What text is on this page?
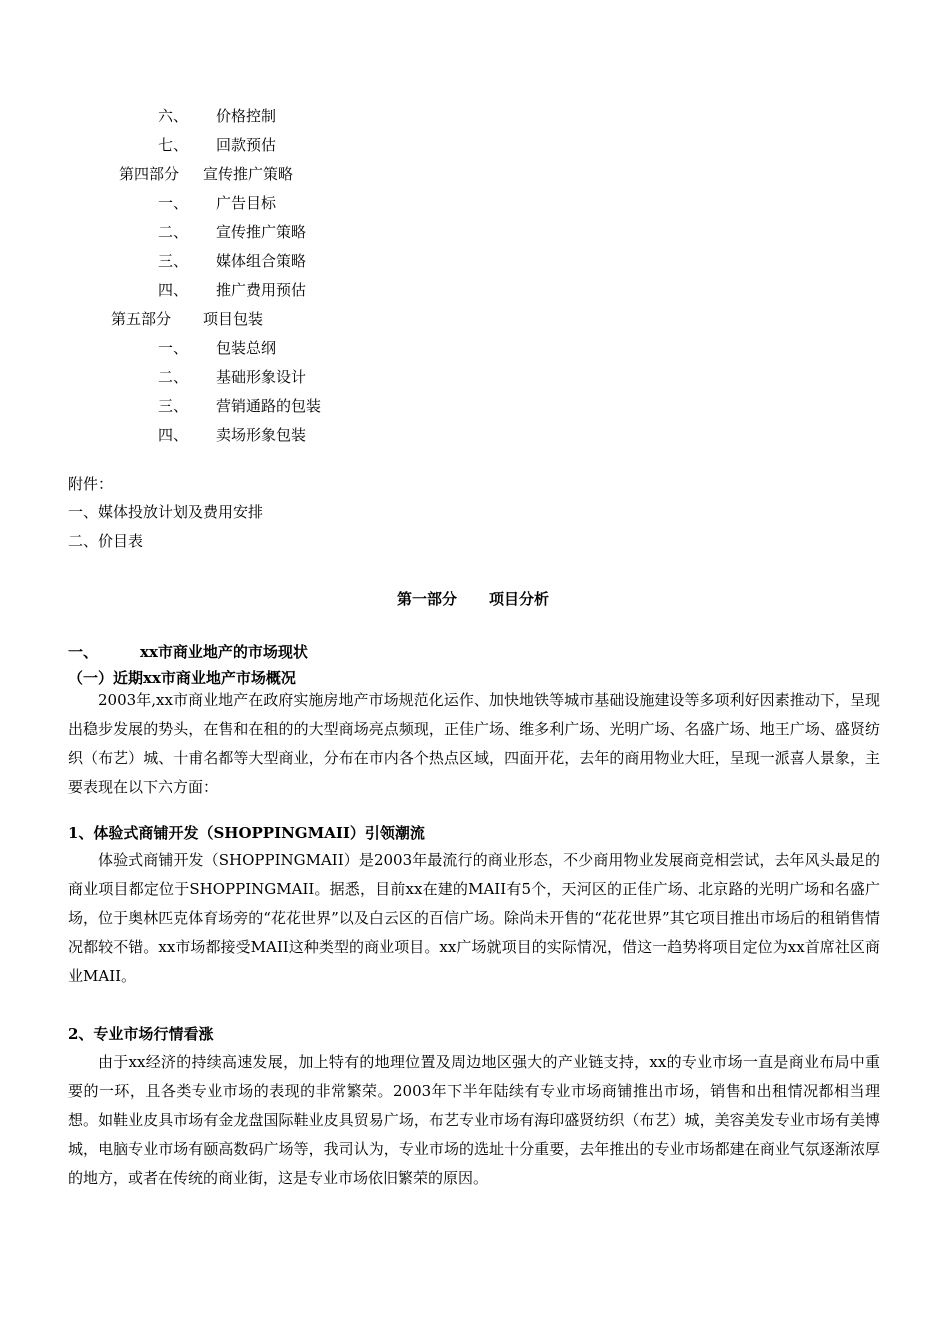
六、 价格控制
七、 回款预估
第四部分 宣传推广策略
一、 广告目标
二、 宣传推广策略
三、 媒体组合策略
四、 推广费用预估
第五部分 项目包装
一、 包装总纲
二、 基础形象设计
三、 营销通路的包装
四、 卖场形象包装
附件：
一、媒体投放计划及费用安排
二、价目表
第一部分 项目分析
一、	xx市商业地产的市场现状
（一）近期xx市商业地产市场概况

2003年,xx市商业地产在政府实施房地产市场规范化运作、加快地铁等城市基础设施建设等多项利好因素推动下，呈现出稳步发展的势头，在售和在租的的大型商场亮点频现，正佳广场、维多利广场、光明广场、名盛广场、地王广场、盛贤纺织（布艺）城、十甫名都等大型商业，分布在市内各个热点区域，四面开花，去年的商用物业大旺，呈现一派喜人景象，主要表现在以下六方面：

1、体验式商铺开发（SHOPPINGMAII）引领潮流

体验式商铺开发（SHOPPINGMAII）是2003年最流行的商业形态，不少商用物业发展商竞相尝试，去年风头最足的商业项目都定位于SHOPPINGMAII。据悉，目前xx在建的MAII有5个，天河区的正佳广场、北京路的光明广场和名盛广场，位于奥林匹克体育场旁的“花花世界”以及白云区的百信广场。除尚未开售的“花花世界”其它项目推出市场后的租销售情况都较不错。xx市场都接受MAII这种类型的商业项目。xx广场就项目的实际情况，借这一趋势将项目定位为xx首席社区商业MAII。

2、专业市场行情看涨

由于xx经济的持续高速发展，加上特有的地理位置及周边地区强大的产业链支持，xx的专业市场一直是商业布局中重要的一环，且各类专业市场的表现的非常繁荣。2003年下半年陆续有专业市场商铺推出市场，销售和出租情况都相当理想。如鞋业皮具市场有金龙盘国际鞋业皮具贸易广场，布艺专业市场有海印盛贤纺织（布艺）城，美容美发专业市场有美博城，电脑专业市场有颐高数码广场等，我司认为，专业市场的选址十分重要，去年推出的专业市场都建在商业气氛逐渐浓厚的地方，或者在传统的商业街，这是专业市场依旧繁荣的原因。
